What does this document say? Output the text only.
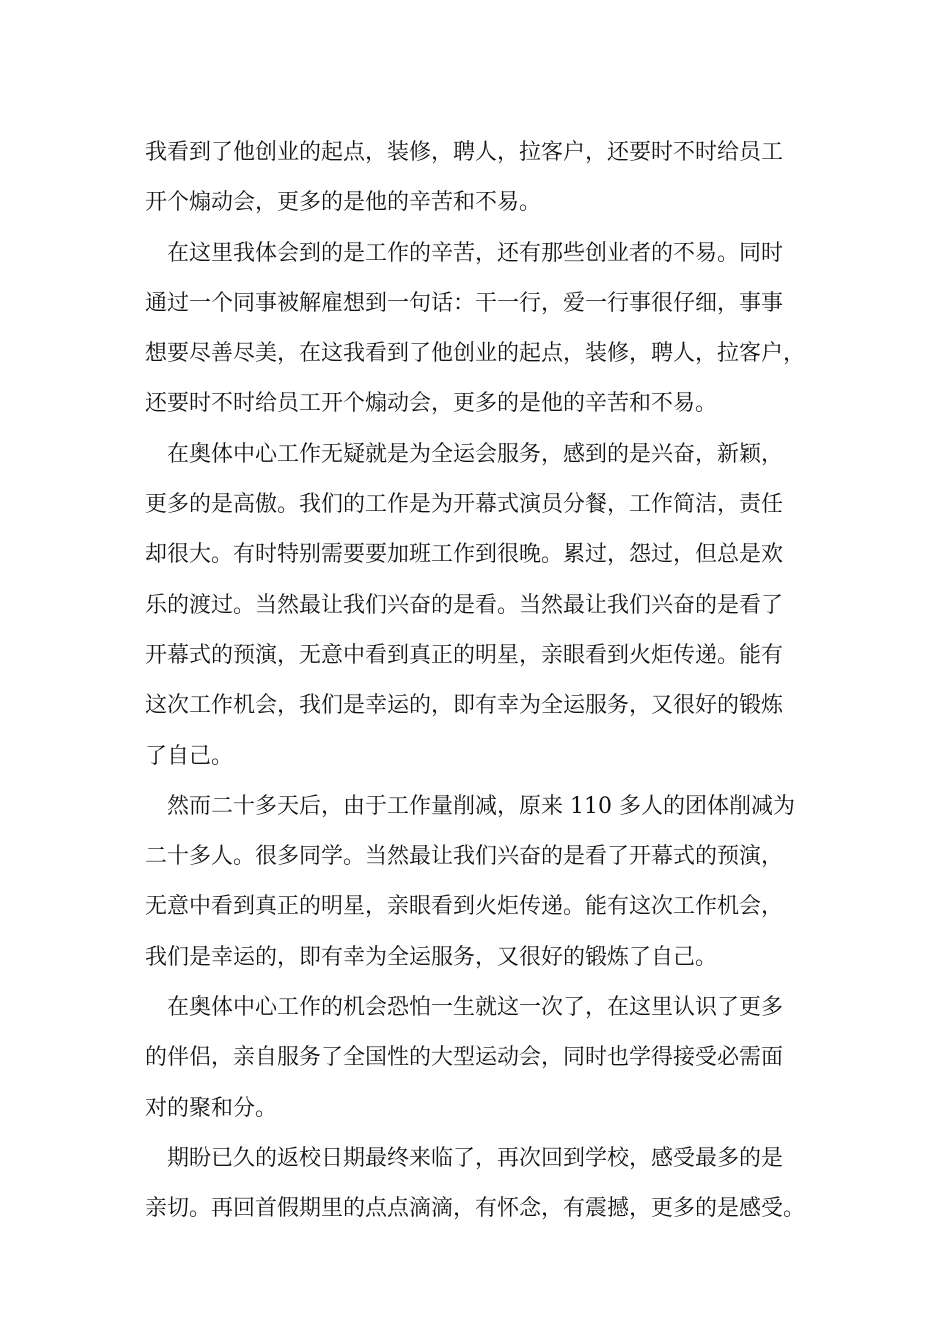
我看到了他创业的起点，装修，聘人，拉客户，还要时不时给员工
开个煽动会，更多的是他的辛苦和不易。
在这里我体会到的是工作的辛苦，还有那些创业者的不易。同时
通过一个同事被解雇想到一句话：干一行，爱一行事很仔细，事事
想要尽善尽美，在这我看到了他创业的起点，装修，聘人，拉客户，
还要时不时给员工开个煽动会，更多的是他的辛苦和不易。
在奥体中心工作无疑就是为全运会服务，感到的是兴奋，新颖，
更多的是高傲。我们的工作是为开幕式演员分餐，工作简洁，责任
却很大。有时特别需要要加班工作到很晚。累过，怨过，但总是欢
乐的渡过。当然最让我们兴奋的是看。当然最让我们兴奋的是看了
开幕式的预演，无意中看到真正的明星，亲眼看到火炬传递。能有
这次工作机会，我们是幸运的，即有幸为全运服务，又很好的锻炼
了自己。
然而二十多天后，由于工作量削减，原来 110 多人的团体削减为
二十多人。很多同学。当然最让我们兴奋的是看了开幕式的预演，
无意中看到真正的明星，亲眼看到火炬传递。能有这次工作机会，
我们是幸运的，即有幸为全运服务，又很好的锻炼了自己。
在奥体中心工作的机会恐怕一生就这一次了，在这里认识了更多
的伴侣，亲自服务了全国性的大型运动会，同时也学得接受必需面
对的聚和分。
期盼已久的返校日期最终来临了，再次回到学校，感受最多的是
亲切。再回首假期里的点点滴滴，有怀念，有震撼，更多的是感受。
